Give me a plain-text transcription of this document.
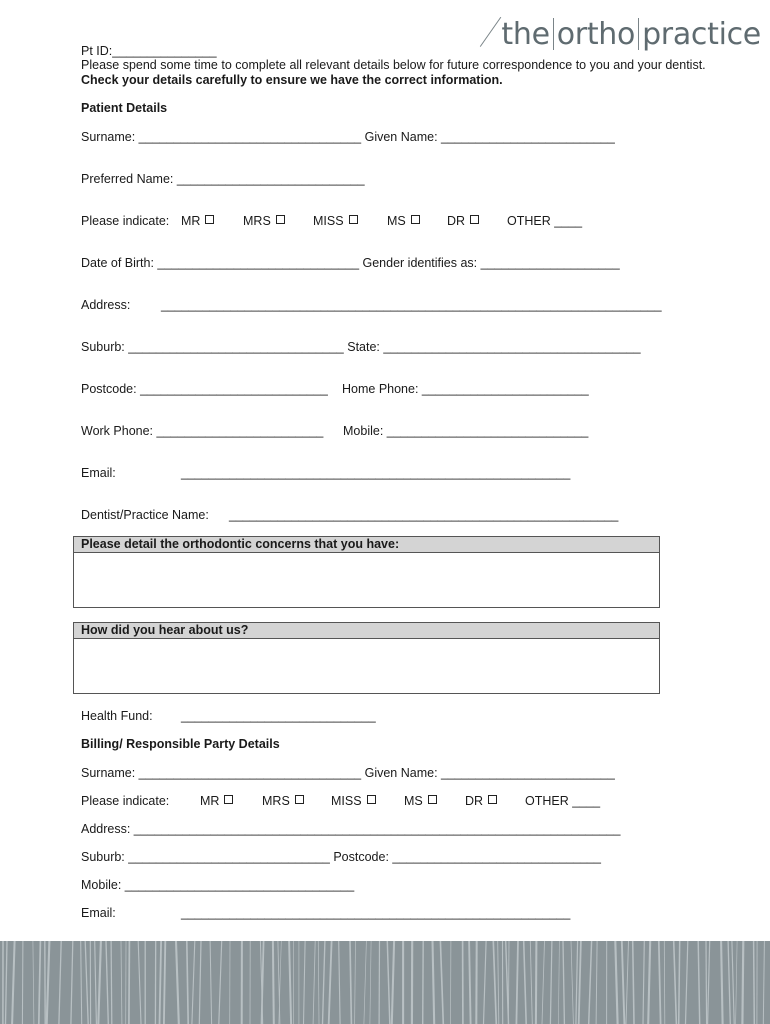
the ortho practice
Pt ID:_______________
Please spend some time to complete all relevant details below for future correspondence to you and your dentist.
Check your details carefully to ensure we have the correct information.
Patient Details
Surname: ________________________________ Given Name: _________________________
Preferred Name: ___________________________
Please indicate: MR	MRS	MISS	MS	DR	OTHER ____
Date of Birth: _____________________________ Gender identifies as: ____________________
Address: ________________________________________________________________________
Suburb: _______________________________ State: _____________________________________
Postcode: ___________________________ Home Phone: ________________________
Work Phone: ________________________ Mobile: _____________________________
Email:	________________________________________________________
Dentist/Practice Name: ________________________________________________________
Please detail the orthodontic concerns that you have:
How did you hear about us?
Health Fund: ____________________________
Billing/ Responsible Party Details
Surname: ________________________________ Given Name: _________________________
Please indicate: MR	MRS	MISS	MS	DR	OTHER ____
Address: ______________________________________________________________________
Suburb: _____________________________ Postcode: ______________________________
Mobile: _________________________________
Email:	________________________________________________________
